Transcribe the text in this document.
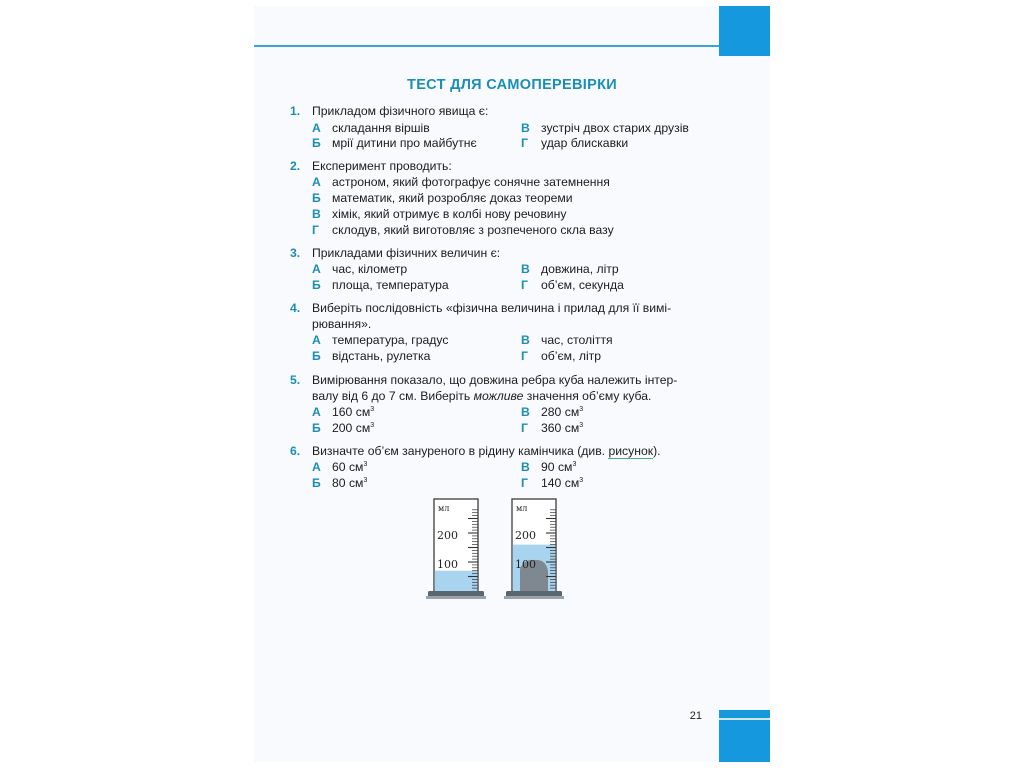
21
ТЕСТ ДЛЯ САМОПЕРЕВІРКИ
1. Прикладом фізичного явища є:
А складання віршів
Б мрії дитини про майбутнє
В зустріч двох старих друзів
Г удар блискавки
2. Експеримент проводить:
А астроном, який фотографує сонячне затемнення
Б математик, який розробляє доказ теореми
В хімік, який отримує в колбі нову речовину
Г склодув, який виготовляє з розпеченого скла вазу
3. Прикладами фізичних величин є:
А час, кілометр
Б площа, температура
В довжина, літр
Г об’єм, секунда
4. Виберіть послідовність «фізична величина і прилад для її вимі-
рювання».
А температура, градус
Б відстань, рулетка
В час, століття
Г об’єм, літр
5. Вимірювання показало, що довжина ребра куба належить інтер-
валу від 6 до 7 см. Виберіть можливе значення об’єму куба.
А 160 $см^3$
Б 200 $см^3$
В 280 $см^3$
Г 360 $см^3$
6. Визначте об’єм зануреного в рідину камінчика (див. рисунок).
А 60 $см^3$
Б 80 $см^3$
В 90 $см^3$
Г 140 $см^3$
мл
200
100
мл
200
100
